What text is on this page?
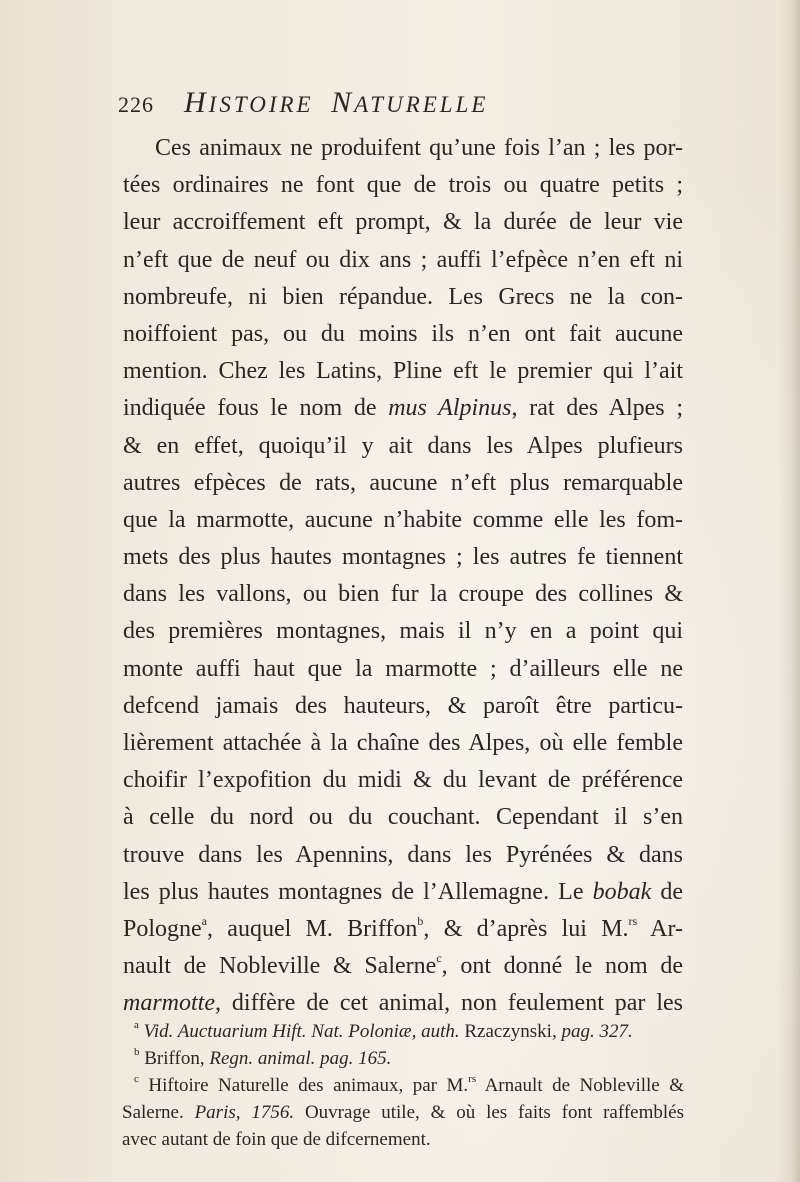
226 HISTOIRE NATURELLE
Ces animaux ne produifent qu’une fois l’an ; les por-
tées ordinaires ne font que de trois ou quatre petits ;
leur accroiffement eft prompt, & la durée de leur vie
n’eft que de neuf ou dix ans ; auffi l’efpèce n’en eft ni
nombreufe, ni bien répandue. Les Grecs ne la con-
noiffoient pas, ou du moins ils n’en ont fait aucune
mention. Chez les Latins, Pline eft le premier qui l’ait
indiquée fous le nom de mus Alpinus, rat des Alpes ;
& en effet, quoiqu’il y ait dans les Alpes plufieurs
autres efpèces de rats, aucune n’eft plus remarquable
que la marmotte, aucune n’habite comme elle les fom-
mets des plus hautes montagnes ; les autres fe tiennent
dans les vallons, ou bien fur la croupe des collines &
des premières montagnes, mais il n’y en a point qui
monte auffi haut que la marmotte ; d’ailleurs elle ne
defcend jamais des hauteurs, & paroît être particu-
lièrement attachée à la chaîne des Alpes, où elle femble
choifir l’expofition du midi & du levant de préférence
à celle du nord ou du couchant. Cependant il s’en
trouve dans les Apennins, dans les Pyrénées & dans
les plus hautes montagnes de l’Allemagne. Le bobak de
Pologne$^a$, auquel M. Briffon$^b$, & d’après lui M.$^{rs}$ Ar-
nault de Nobleville & Salerne$^c$, ont donné le nom de
marmotte, diffère de cet animal, non feulement par les
$^a$ Vid. Auctuarium Hift. Nat. Poloniæ, auth. Rzaczynski, pag. 327.
$^b$ Briffon, Regn. animal. pag. 165.
$^c$ Hiftoire Naturelle des animaux, par M.$^{rs}$ Arnault de Nobleville &
Salerne. Paris, 1756. Ouvrage utile, & où les faits font raffemblés
avec autant de foin que de difcernement.
